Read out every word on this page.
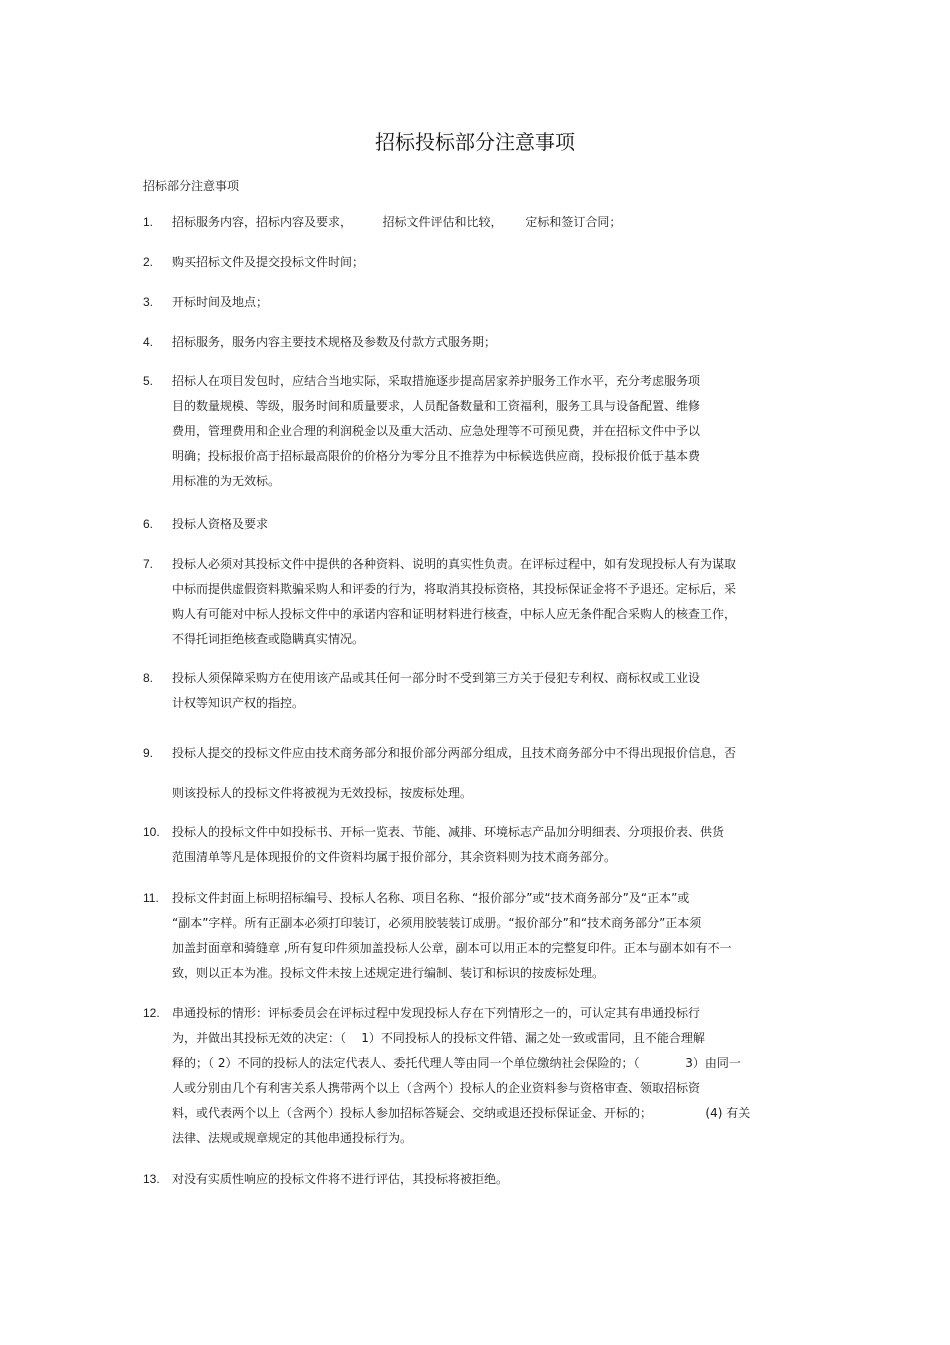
招标投标部分注意事项
招标部分注意事项
1.	招标服务内容，招标内容及要求，        招标文件评估和比较，      定标和签订合同；
2.	购买招标文件及提交投标文件时间；
3.	开标时间及地点；
4.	招标服务，服务内容主要技术规格及参数及付款方式服务期；
5.	招标人在项目发包时，应结合当地实际，采取措施逐步提高居家养护服务工作水平，充分考虑服务项
目的数量规模、等级，服务时间和质量要求，人员配备数量和工资福利，服务工具与设备配置、维修
费用，管理费用和企业合理的利润税金以及重大活动、应急处理等不可预见费，并在招标文件中予以
明确；投标报价高于招标最高限价的价格分为零分且不推荐为中标候选供应商，投标报价低于基本费
用标准的为无效标。
6.	投标人资格及要求
7.	投标人必须对其投标文件中提供的各种资料、说明的真实性负责。在评标过程中，如有发现投标人有为谋取
中标而提供虚假资料欺骗采购人和评委的行为，将取消其投标资格，其投标保证金将不予退还。定标后，采
购人有可能对中标人投标文件中的承诺内容和证明材料进行核查，中标人应无条件配合采购人的核查工作，
不得托词拒绝核查或隐瞒真实情况。
8.	投标人须保障采购方在使用该产品或其任何一部分时不受到第三方关于侵犯专利权、商标权或工业设
计权等知识产权的指控。
9.	投标人提交的投标文件应由技术商务部分和报价部分两部分组成，且技术商务部分中不得出现报价信息，否
则该投标人的投标文件将被视为无效投标，按废标处理。
10.	投标人的投标文件中如投标书、开标一览表、节能、减排、环境标志产品加分明细表、分项报价表、供货
范围清单等凡是体现报价的文件资料均属于报价部分，其余资料则为技术商务部分。
11.	投标文件封面上标明招标编号、投标人名称、项目名称、“报价部分”或“技术商务部分”及“正本”或
“副本”字样。所有正副本必须打印装订，必须用胶装装订成册。“报价部分”和“技术商务部分”正本须
加盖封面章和骑缝章 ,所有复印件须加盖投标人公章，副本可以用正本的完整复印件。正本与副本如有不一
致，则以正本为准。投标文件未按上述规定进行编制、装订和标识的按废标处理。
12.	串通投标的情形：评标委员会在评标过程中发现投标人存在下列情形之一的，可认定其有串通投标行
为，并做出其投标无效的决定：（    1）不同投标人的投标文件错、漏之处一致或雷同，且不能合理解
释的；（ 2）不同的投标人的法定代表人、委托代理人等由同一个单位缴纳社会保险的；（            3）由同一
人或分别由几个有利害关系人携带两个以上（含两个）投标人的企业资料参与资格审查、领取招标资
料，或代表两个以上（含两个）投标人参加招标答疑会、交纳或退还投标保证金、开标的；              (4) 有关
法律、法规或规章规定的其他串通投标行为。
13.	对没有实质性响应的投标文件将不进行评估，其投标将被拒绝。
